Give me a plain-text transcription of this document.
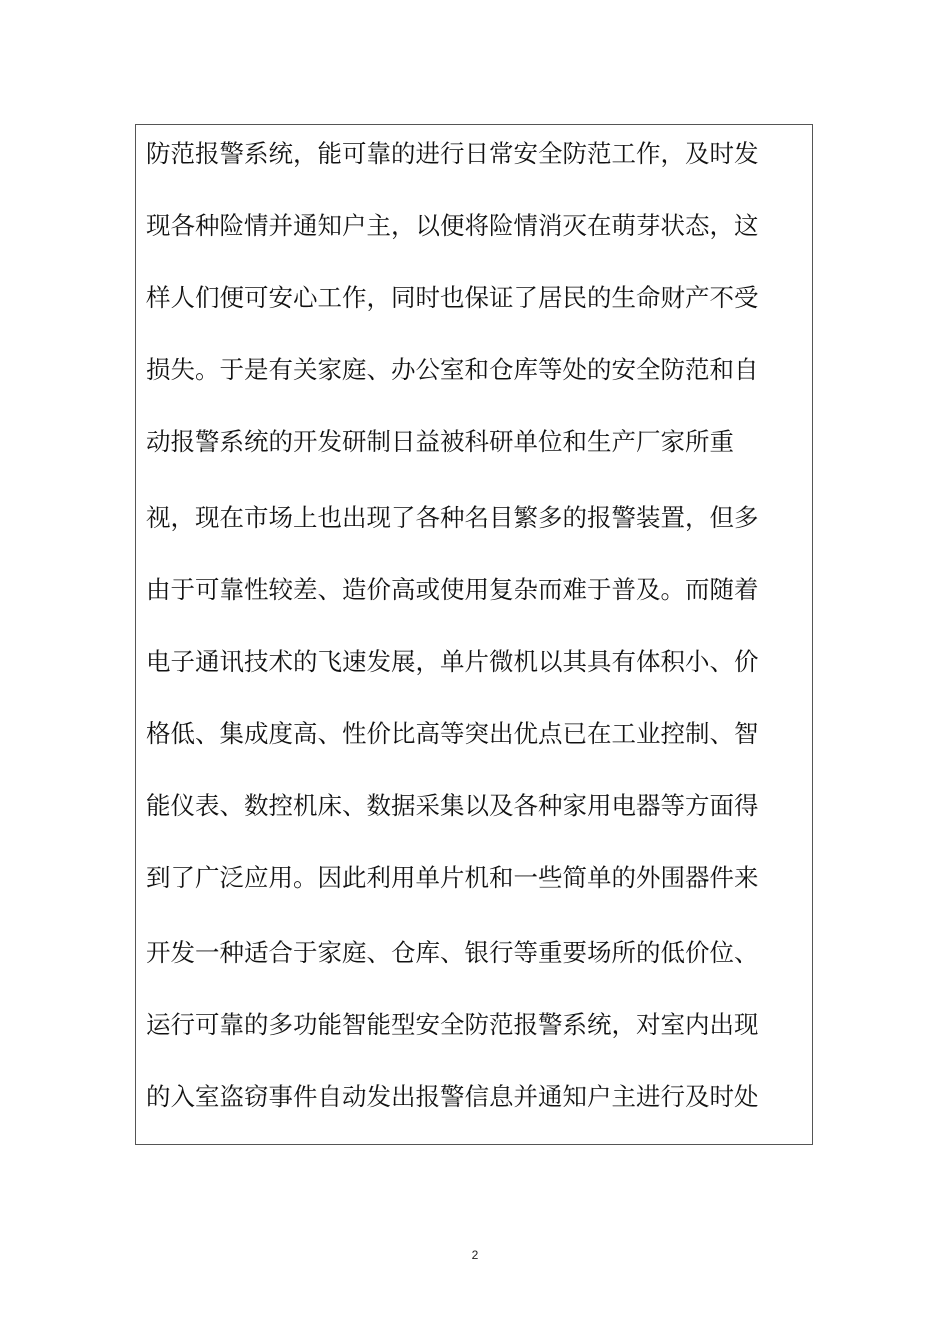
防范报警系统，能可靠的进行日常安全防范工作，及时发
现各种险情并通知户主，以便将险情消灭在萌芽状态，这
样人们便可安心工作，同时也保证了居民的生命财产不受
损失。于是有关家庭、办公室和仓库等处的安全防范和自
动报警系统的开发研制日益被科研单位和生产厂家所重
视，现在市场上也出现了各种名目繁多的报警装置，但多
由于可靠性较差、造价高或使用复杂而难于普及。而随着
电子通讯技术的飞速发展，单片微机以其具有体积小、价
格低、集成度高、性价比高等突出优点已在工业控制、智
能仪表、数控机床、数据采集以及各种家用电器等方面得
到了广泛应用。因此利用单片机和一些简单的外围器件来
开发一种适合于家庭、仓库、银行等重要场所的低价位、
运行可靠的多功能智能型安全防范报警系统，对室内出现
的入室盗窃事件自动发出报警信息并通知户主进行及时处
2
